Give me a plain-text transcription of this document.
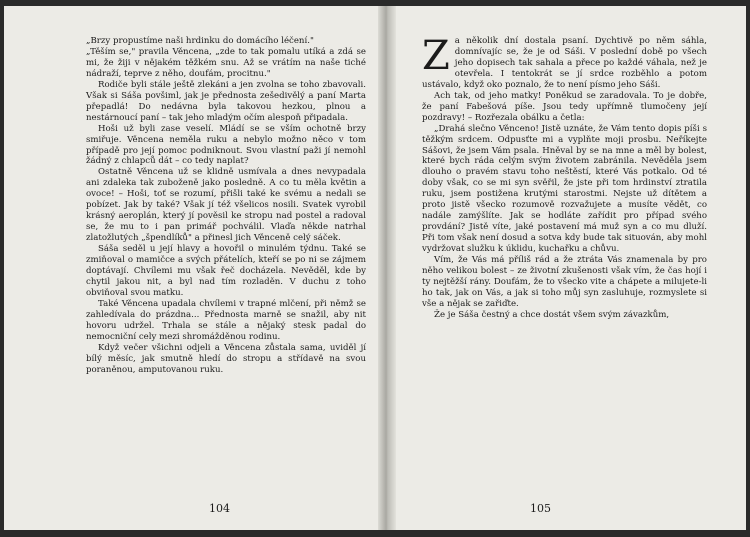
„Brzy propustíme naši hrdinku do domácího léčení."

„Těším se," pravila Věncena, „zde to tak pomalu utíká a zdá se mi, že žiji v nějakém těžkém snu. Až se vrátím na naše tiché nádraží, teprve z něho, doufám, procitnu."

Rodiče byli stále ještě zlekáni a jen zvolna se toho zbavovali. Však si Sáša povšiml, jak je přednosta zešedivělý a paní Marta přepadlá! Do nedávna byla takovou hezkou, plnou a nestárnoucí paní – tak jeho mladým očím alespoň připadala.

Hoši už byli zase veselí. Mládí se se vším ochotně brzy smiřuje. Věncena neměla ruku a nebylo možno něco v tom případě pro její pomoc podniknout. Svou vlastní paži jí nemohl žádný z chlapců dát – co tedy naplat?

Ostatně Věncena už se klidně usmívala a dnes nevypadala ani zdaleka tak zuboženě jako posledně. A co tu měla květin a ovoce! – Hoši, toť se rozumí, přišli také ke svému a nedali se pobízet. Jak by také? Však jí též všelicos nosili. Svatek vyrobil krásný aeroplán, který jí pověsil ke stropu nad postel a radoval se, že mu to i pan primář pochválil. Vlaďa někde natrhal zlatožlutých „špendlíků" a přinesl jich Věnceně celý sáček.

Sáša seděl u její hlavy a hovořil o minulém týdnu. Také se zmiňoval o mamičce a svých přátelích, kteří se po ni se zájmem doptávají. Chvílemi mu však řeč docházela. Nevěděl, kde by chytil jakou nit, a byl nad tím rozladěn. V duchu z toho obviňoval svou matku.

Také Věncena upadala chvílemi v trapné mlčení, při němž se zahledívala do prázdna... Přednosta marně se snažil, aby nit hovoru udržel. Trhala se stále a nějaký stesk padal do nemocniční cely mezi shromážděnou rodinu.

Když večer všichni odjeli a Věncena zůstala sama, uviděl jí bílý měsíc, jak smutně hledí do stropu a střídavě na svou poraněnou, amputovanou ruku.

104

Za několik dní dostala psaní. Dychtivě po něm sáhla, domnívajíc se, že je od Sáši. V poslední době po všech jeho dopisech tak sahala a přece po každé váhala, než je otevřela. I tentokrát se jí srdce rozběhlo a potom ustávalo, když oko poznalo, že to není písmo jeho Sáši.

Ach tak, od jeho matky! Poněkud se zaradovala. To je dobře, že paní Fabešová píše. Jsou tedy upřímně tlumočeny její pozdravy! – Rozřezala obálku a četla:

„Drahá slečno Věnceno! Jistě uznáte, že Vám tento dopis píši s těžkým srdcem. Odpusťte mi a vyplňte moji prosbu. Neříkejte Sášovi, že jsem Vám psala. Hněval by se na mne a měl by bolest, které bych ráda celým svým životem zabránila. Nevěděla jsem dlouho o pravém stavu toho neštěstí, které Vás potkalo. Od té doby však, co se mi syn svěřil, že jste při tom hrdinství ztratila ruku, jsem postižena krutými starostmi. Nejste už dítětem a proto jistě všecko rozumově rozvažujete a musíte vědět, co nadále zamýšlíte. Jak se hodláte zařídit pro případ svého provdání? Jistě víte, jaké postavení má muž syn a co mu dluží. Při tom však není dosud a sotva kdy bude tak situován, aby mohl vydržovat služku k úklidu, kuchařku a chůvu.

Vím, že Vás má příliš rád a že ztráta Vás znamenala by pro něho velikou bolest – ze životní zkušenosti však vím, že čas hojí i ty nejtěžší rány. Doufám, že to všecko vite a chápete a milujete-li ho tak, jak on Vás, a jak si toho můj syn zasluhuje, rozmyslete si vše a nějak se zařiďte.

Že je Sáša čestný a chce dostát všem svým závazkům,

105
